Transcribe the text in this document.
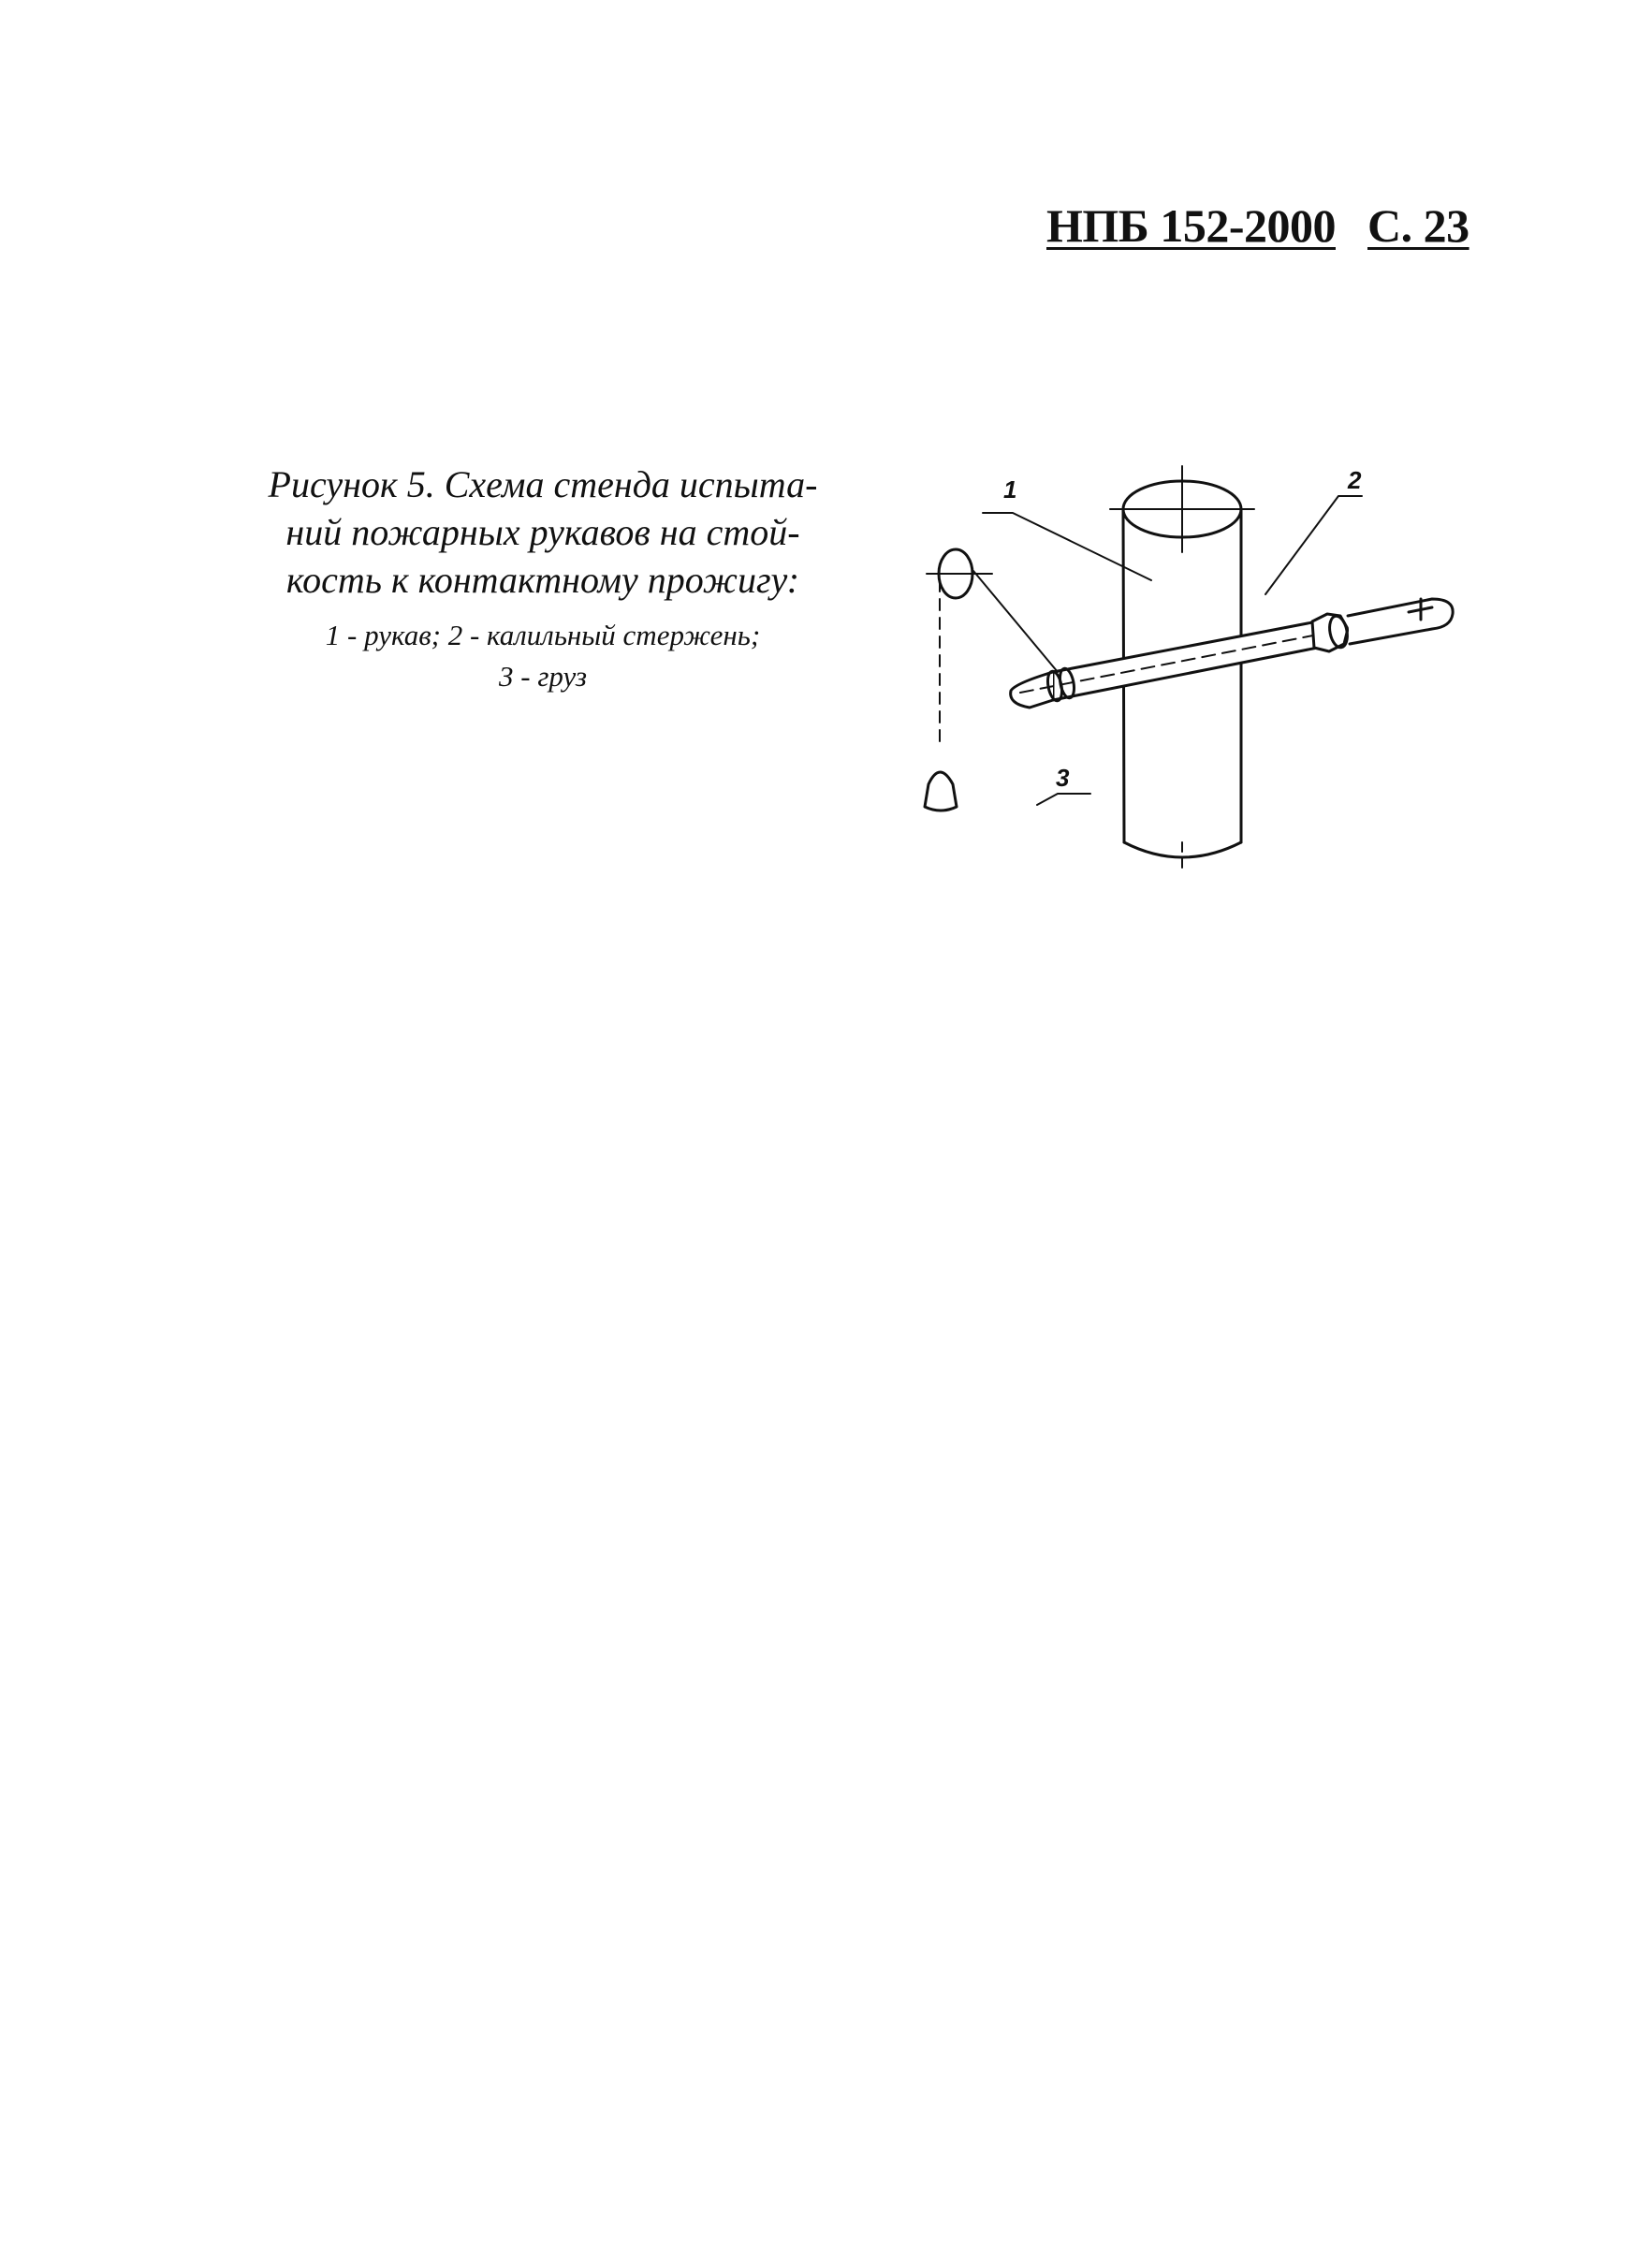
НПБ 152-2000 С. 23
Рисунок 5. Схема стенда испыта-
ний пожарных рукавов на стой-
кость к контактному прожигу:
1 - рукав; 2 - калильный стержень;
3 - груз
1	2
3
